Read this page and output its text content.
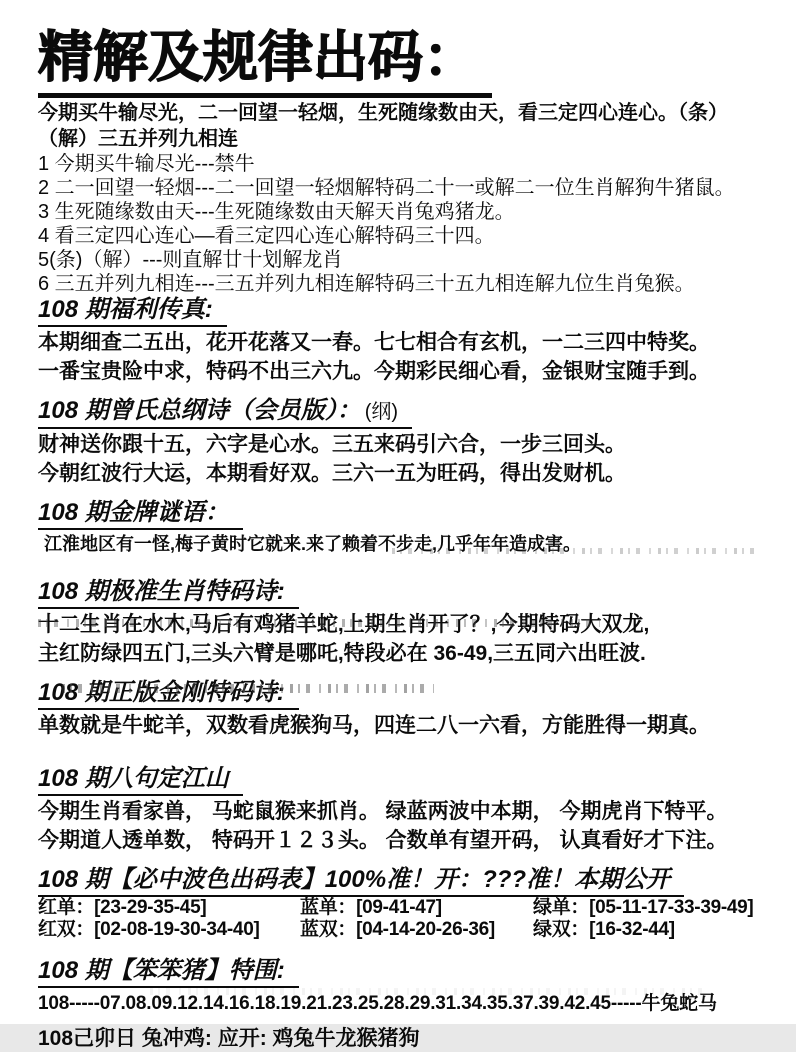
精解及规律出码：

今期买牛输尽光，二一回望一轻烟，生死随缘数由天，看三定四心连心。（条）

（解）三五并列九相连

1 今期买牛输尽光---禁牛

2 二一回望一轻烟---二一回望一轻烟解特码二十一或解二一位生肖解狗牛猪鼠。

3 生死随缘数由天---生死随缘数由天解天肖兔鸡猪龙。

4 看三定四心连心—看三定四心连心解特码三十四。

5(条)（解）---则直解廿十划解龙肖

6 三五并列九相连---三五并列九相连解特码三十五九相连解九位生肖兔猴。

108 期福利传真:

本期细查二五出，花开花落又一春。七七相合有玄机，一二三四中特奖。

一番宝贵险中求，特码不出三六九。今期彩民细心看，金银财宝随手到。

108 期曾氏总纲诗（会员版）： (纲)

财神送你跟十五，六字是心水。三五来码引六合，一步三回头。

今朝红波行大运，本期看好双。三六一五为旺码，得出发财机。

108 期金牌谜语：江淮地区有一怪,梅子黄时它就来.来了赖着不步走,几乎年年造成害。
108 期极准生肖特码诗:

十二生肖在水木,马后有鸡猪羊蛇,上期生肖开了？,今期特码大双龙,

主红防绿四五门,三头六臂是哪吒,特段必在 36-49,三五同六出旺波.

108 期正版金刚特码诗:

单数就是牛蛇羊，双数看虎猴狗马，四连二八一六看，方能胜得一期真。

108 期八句定江山

今期生肖看家兽， 马蛇鼠猴来抓肖。 绿蓝两波中本期， 今期虎肖下特平。

今期道人透单数， 特码开１２３头。 合数单有望开码， 认真看好才下注。

108 期【必中波色出码表】100%准！开：???准！本期公开
红单：[23-29-35-45]	蓝单：[09-41-47]	绿单：[05-11-17-33-39-49]
红双：[02-08-19-30-34-40]	蓝双：[04-14-20-26-36]	绿双：[16-32-44]
108 期【笨笨猪】特围:

108-----07.08.09.12.14.16.18.19.21.23.25.28.29.31.34.35.37.39.42.45-----牛兔蛇马

108己卯日 兔冲鸡: 应开: 鸡兔牛龙猴猪狗
